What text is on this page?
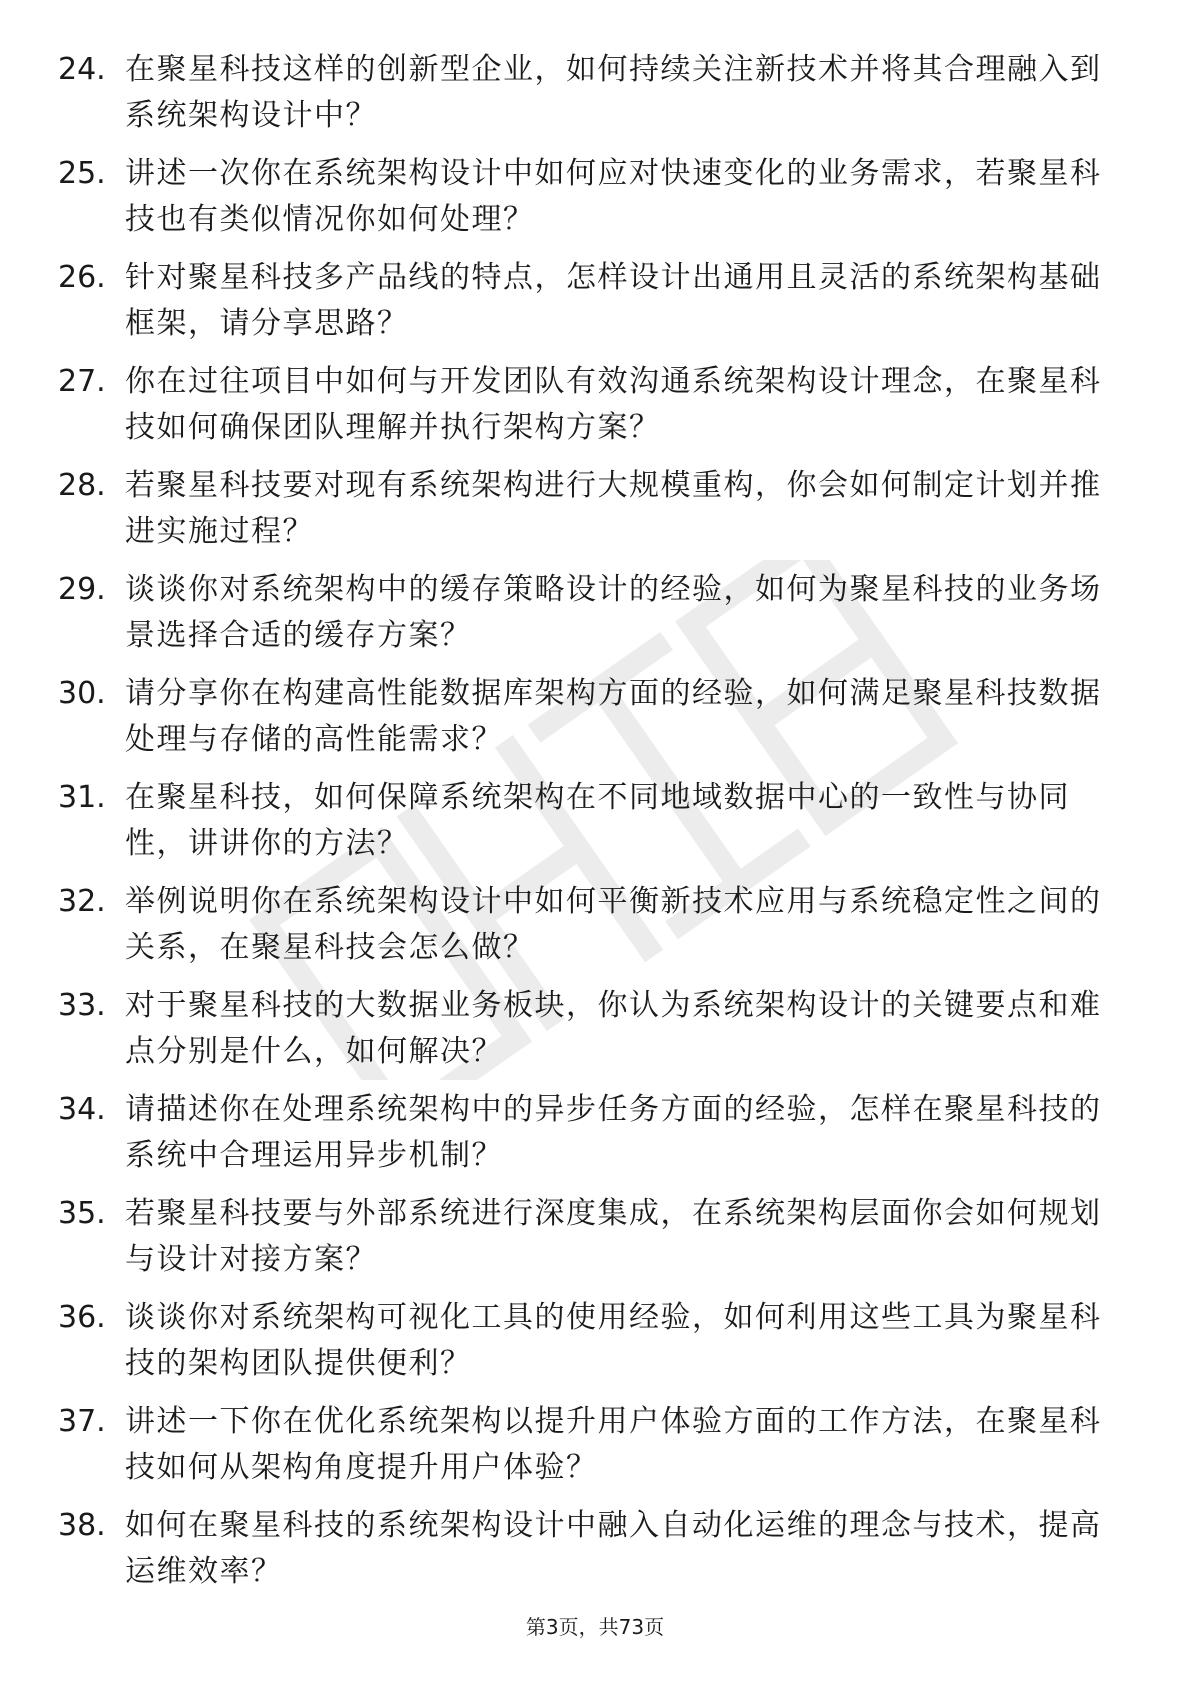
24. 在聚星科技这样的创新型企业，如何持续关注新技术并将其合理融入到系统架构设计中？
25. 讲述一次你在系统架构设计中如何应对快速变化的业务需求，若聚星科技也有类似情况你如何处理？
26. 针对聚星科技多产品线的特点，怎样设计出通用且灵活的系统架构基础框架，请分享思路？
27. 你在过往项目中如何与开发团队有效沟通系统架构设计理念，在聚星科技如何确保团队理解并执行架构方案？
28. 若聚星科技要对现有系统架构进行大规模重构，你会如何制定计划并推进实施过程？
29. 谈谈你对系统架构中的缓存策略设计的经验，如何为聚星科技的业务场景选择合适的缓存方案？
30. 请分享你在构建高性能数据库架构方面的经验，如何满足聚星科技数据处理与存储的高性能需求？
31. 在聚星科技，如何保障系统架构在不同地域数据中心的一致性与协同性，讲讲你的方法？
32. 举例说明你在系统架构设计中如何平衡新技术应用与系统稳定性之间的关系，在聚星科技会怎么做？
33. 对于聚星科技的大数据业务板块，你认为系统架构设计的关键要点和难点分别是什么，如何解决？
34. 请描述你在处理系统架构中的异步任务方面的经验，怎样在聚星科技的系统中合理运用异步机制？
35. 若聚星科技要与外部系统进行深度集成，在系统架构层面你会如何规划与设计对接方案？
36. 谈谈你对系统架构可视化工具的使用经验，如何利用这些工具为聚星科技的架构团队提供便利？
37. 讲述一下你在优化系统架构以提升用户体验方面的工作方法，在聚星科技如何从架构角度提升用户体验？
38. 如何在聚星科技的系统架构设计中融入自动化运维的理念与技术，提高运维效率？
第3页，共73页
